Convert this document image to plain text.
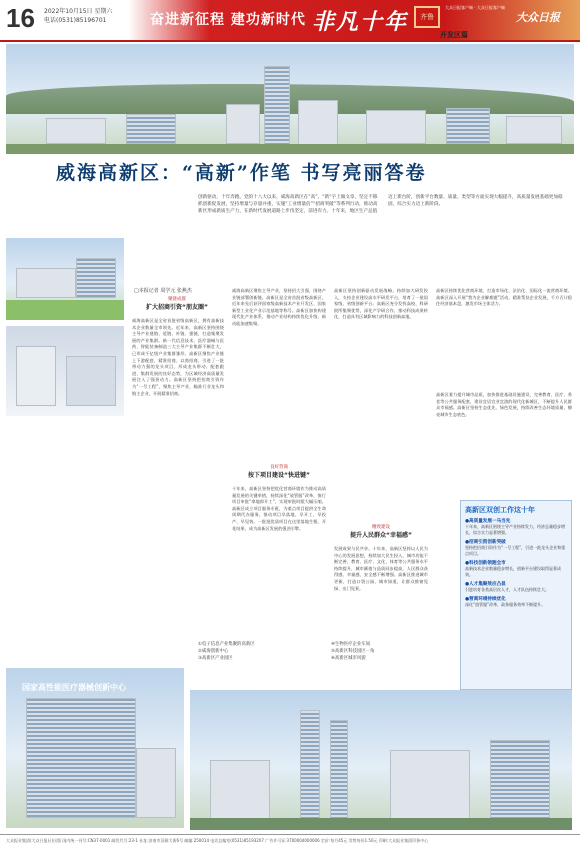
16 2022年10月15日 星期六
电话(0531)85196701	奋进新征程 建功新时代 非凡十年	齐鲁
大众日报客户端 · 大众日报客户端
大众日报
开发区篇
威海高新区：“高新”作笔 书写亮丽答卷
创新驱动，十年奔跑。党的十八大以来，威海高新区在“高”、“新”字上做文章，坚定不移抓创新促发展，坚持增量与存量并重，实施“工业增量倍”“招商突破”等系列行动，推动高新区形成新质生产力，在新时代发展道路上步伐坚定，前进有力。十年来，地区生产总值迈上新台阶，创新平台数量、质量、类型等方面实现大幅提升，高质量发展基础更加稳固，综合实力迈上新阶段。
□本报记者 周学元 张燕杰
聚链成群
扩大招商引资“朋友圈”
威海高新区是全省首批省级高新区，拥有高新技术企业数量全市领先。近年来，高新区坚持围绕主导产业建链、延链、补链、强链，打造集聚发展的产业集群。新一代信息技术、医疗器械与医药、智能装备制造三大主导产业集群不断壮大，已形成千亿级产业集群雏形。高新区聚焦产业链上下游配套，精准招商、以商招商，引进了一批带动力强的龙头项目，形成龙头带动、配套跟进、集群发展的良好态势，为区域经济高质量发展注入了强劲动力。高新区坚持把招商引资作为“一号工程”，聚焦主导产业，瞄准行业龙头和链主企业，开展精准招商。
威海高新区聚焦主导产业，坚持招大引强，围绕产业链部署创新链。高新区是全省首批省级高新区，近年来先后获评国家级高新技术产业开发区、国家新型工业化产业示范基地等称号。高新区加快构建现代化产业体系，推动产业结构持续优化升级，新动能加速集聚。
良好营商
按下项目建设“快进键”
十年来，高新区坚持把优化营商环境作为推动高质量发展的关键举措，持续深化“放管服”改革，推行项目审批“拿地即开工”，实现审批时限大幅压缩。高新区成立项目服务专班，为重点项目提供全生命周期代办服务，推动项目早落地、早开工、早投产、早见效。一批批优质项目在这里落地生根、开花结果，成为高新区发展的强劲引擎。
高新区坚持创新驱动发展战略，持续加大研发投入，支持企业建设高水平研发平台，培育了一批国家级、省级创新平台。高新区充分发挥高校、科研院所集聚优势，深化产学研合作，推动科技成果转化，打造具有区域影响力的科技创新高地。
精致建设
提升人民群众“幸福感”
发展成果与民共享。十年来，高新区坚持以人民为中心的发展思想，持续加大民生投入，城市功能不断完善，教育、医疗、文化、体育等公共服务水平持续提升，城市颜值与品质同步提高，人民群众获得感、幸福感、安全感不断增强。高新区推进城市更新，打造口袋公园、城市绿道，让群众推窗见绿、出门见景。
高新区持续优化营商环境，打造市场化、法治化、国际化一流营商环境。高新区深入开展“我为企业解难题”活动，精准帮扶企业发展，千方百计稳住经济基本盘，激发市场主体活力。
高新区着力提升城市品质，加快推进基础设施建设，完善教育、医疗、养老等公共服务配套，建设宜居宜业宜游的现代化新城区，不断提升人民群众幸福感。高新区坚持生态优先、绿色发展，持续改善生态环境质量，擦亮城市生态底色。
高新区双创工作这十年
●高质量发展一马当先
十年来，高新区围绕主导产业持续发力，经济总量稳步增长，综合实力显著增强。
●招商引资创新突破
坚持把招商引资作为“一号工程”，引进一批龙头企业和重点项目。
●科技创新领跑全市
高新技术企业数量稳步增长，创新平台建设取得显著成效。
●人才集聚效应凸显
引进培育各类高层次人才，人才队伍持续壮大。
●营商环境持续优化
深化“放管服”改革，政务服务效率不断提升。
国家高性能医疗器械创新中心
①电子信息产业集聚的高新区
②威海创新中心
③高新区产业园区
④生物医疗企业车间
⑤高新区科技园区一角
⑥高新区城市风貌
大众报业集团(大众日报社)出版 国内统一刊号:CN37-0001 邮发代号:23-1 社址:济南市泺源大街6号 邮编:250014 电话总编室(0531)85193207 广告许可证:3700004000006 定价:每月45元 零售每份1.50元 印刷:大众报业集团印务中心
